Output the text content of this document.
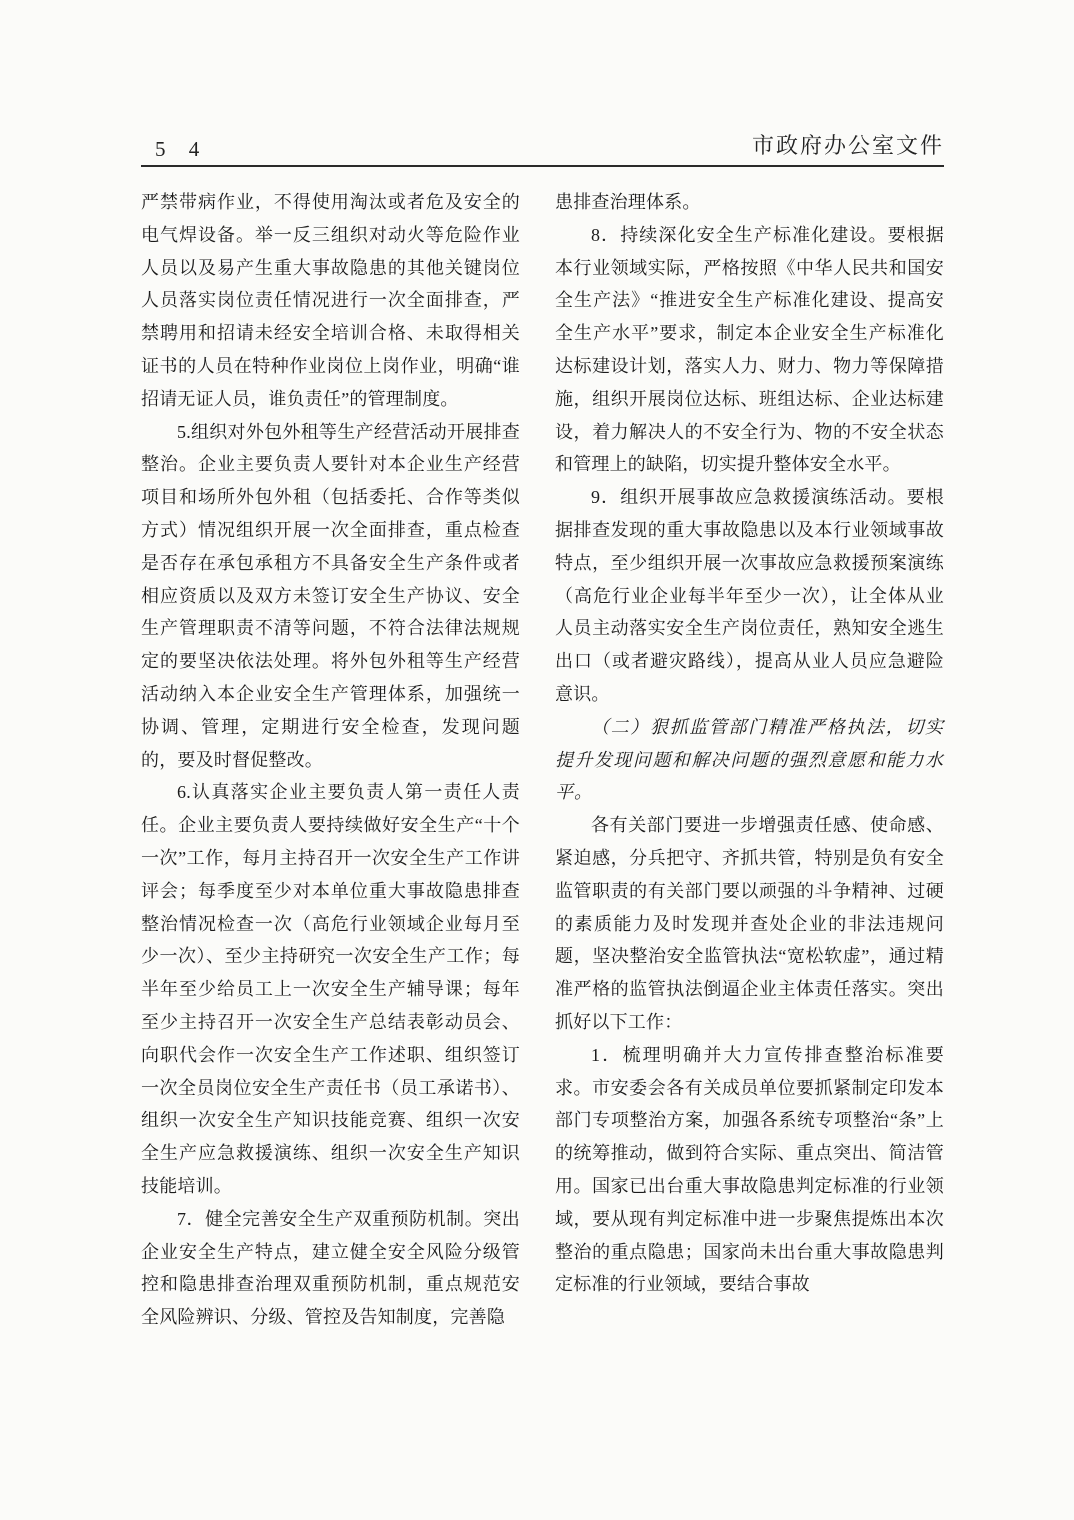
5 4	市政府办公室文件

严禁带病作业，不得使用淘汰或者危及安全的电气焊设备。举一反三组织对动火等危险作业人员以及易产生重大事故隐患的其他关键岗位人员落实岗位责任情况进行一次全面排查，严禁聘用和招请未经安全培训合格、未取得相关证书的人员在特种作业岗位上岗作业，明确“谁招请无证人员，谁负责任”的管理制度。

5.组织对外包外租等生产经营活动开展排查整治。企业主要负责人要针对本企业生产经营项目和场所外包外租（包括委托、合作等类似方式）情况组织开展一次全面排查，重点检查是否存在承包承租方不具备安全生产条件或者相应资质以及双方未签订安全生产协议、安全生产管理职责不清等问题，不符合法律法规规定的要坚决依法处理。将外包外租等生产经营活动纳入本企业安全生产管理体系，加强统一协调、管理，定期进行安全检查，发现问题的，要及时督促整改。

6.认真落实企业主要负责人第一责任人责任。企业主要负责人要持续做好安全生产“十个一次”工作，每月主持召开一次安全生产工作讲评会；每季度至少对本单位重大事故隐患排查整治情况检查一次（高危行业领域企业每月至少一次）、至少主持研究一次安全生产工作；每半年至少给员工上一次安全生产辅导课；每年至少主持召开一次安全生产总结表彰动员会、向职代会作一次安全生产工作述职、组织签订一次全员岗位安全生产责任书（员工承诺书）、组织一次安全生产知识技能竞赛、组织一次安全生产应急救援演练、组织一次安全生产知识技能培训。

7．健全完善安全生产双重预防机制。突出企业安全生产特点，建立健全安全风险分级管控和隐患排查治理双重预防机制，重点规范安全风险辨识、分级、管控及告知制度，完善隐

患排查治理体系。

8．持续深化安全生产标准化建设。要根据本行业领域实际，严格按照《中华人民共和国安全生产法》“推进安全生产标准化建设、提高安全生产水平”要求，制定本企业安全生产标准化达标建设计划，落实人力、财力、物力等保障措施，组织开展岗位达标、班组达标、企业达标建设，着力解决人的不安全行为、物的不安全状态和管理上的缺陷，切实提升整体安全水平。

9．组织开展事故应急救援演练活动。要根据排查发现的重大事故隐患以及本行业领域事故特点，至少组织开展一次事故应急救援预案演练（高危行业企业每半年至少一次），让全体从业人员主动落实安全生产岗位责任，熟知安全逃生出口（或者避灾路线），提高从业人员应急避险意识。

（二）狠抓监管部门精准严格执法，切实提升发现问题和解决问题的强烈意愿和能力水平。

各有关部门要进一步增强责任感、使命感、紧迫感，分兵把守、齐抓共管，特别是负有安全监管职责的有关部门要以顽强的斗争精神、过硬的素质能力及时发现并查处企业的非法违规问题，坚决整治安全监管执法“宽松软虚”，通过精准严格的监管执法倒逼企业主体责任落实。突出抓好以下工作：

1．梳理明确并大力宣传排查整治标准要求。市安委会各有关成员单位要抓紧制定印发本部门专项整治方案，加强各系统专项整治“条”上的统筹推动，做到符合实际、重点突出、简洁管用。国家已出台重大事故隐患判定标准的行业领域，要从现有判定标准中进一步聚焦提炼出本次整治的重点隐患；国家尚未出台重大事故隐患判定标准的行业领域，要结合事故
